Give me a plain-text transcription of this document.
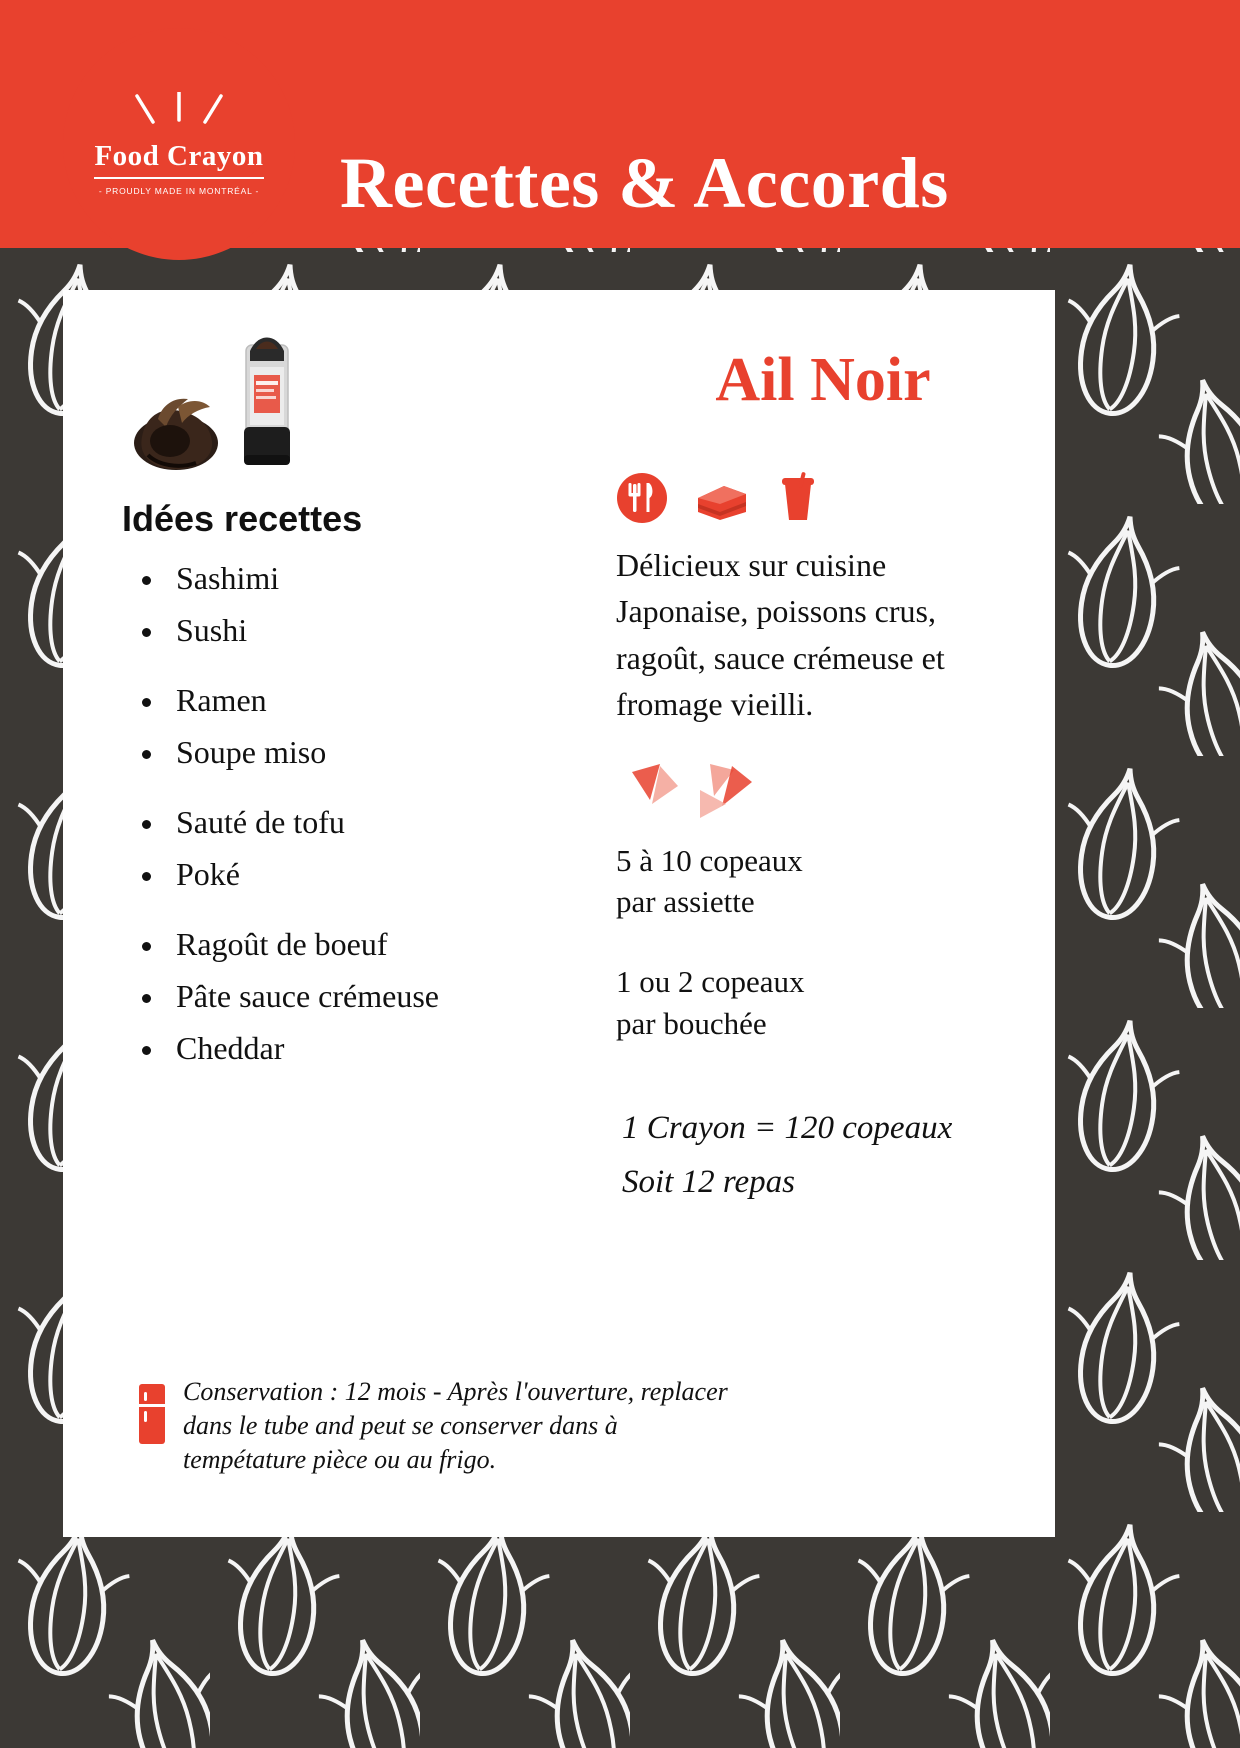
Recettes & Accords
Food Crayon
- PROUDLY MADE IN MONTRÉAL -
Idées recettes
Sashimi
Sushi
Ramen
Soupe miso
Sauté de tofu
Poké
Ragoût de boeuf
Pâte sauce crémeuse
Cheddar
Ail Noir

Délicieux sur cuisine Japonaise, poissons crus, ragoût, sauce crémeuse et fromage vieilli.

5 à 10 copeaux
par assiette
1 ou 2 copeaux
par bouchée
1 Crayon = 120 copeaux
Soit 12 repas
Conservation : 12 mois - Après l'ouverture, replacer
dans le tube and peut se conserver dans à
tempétature pièce ou au frigo.
